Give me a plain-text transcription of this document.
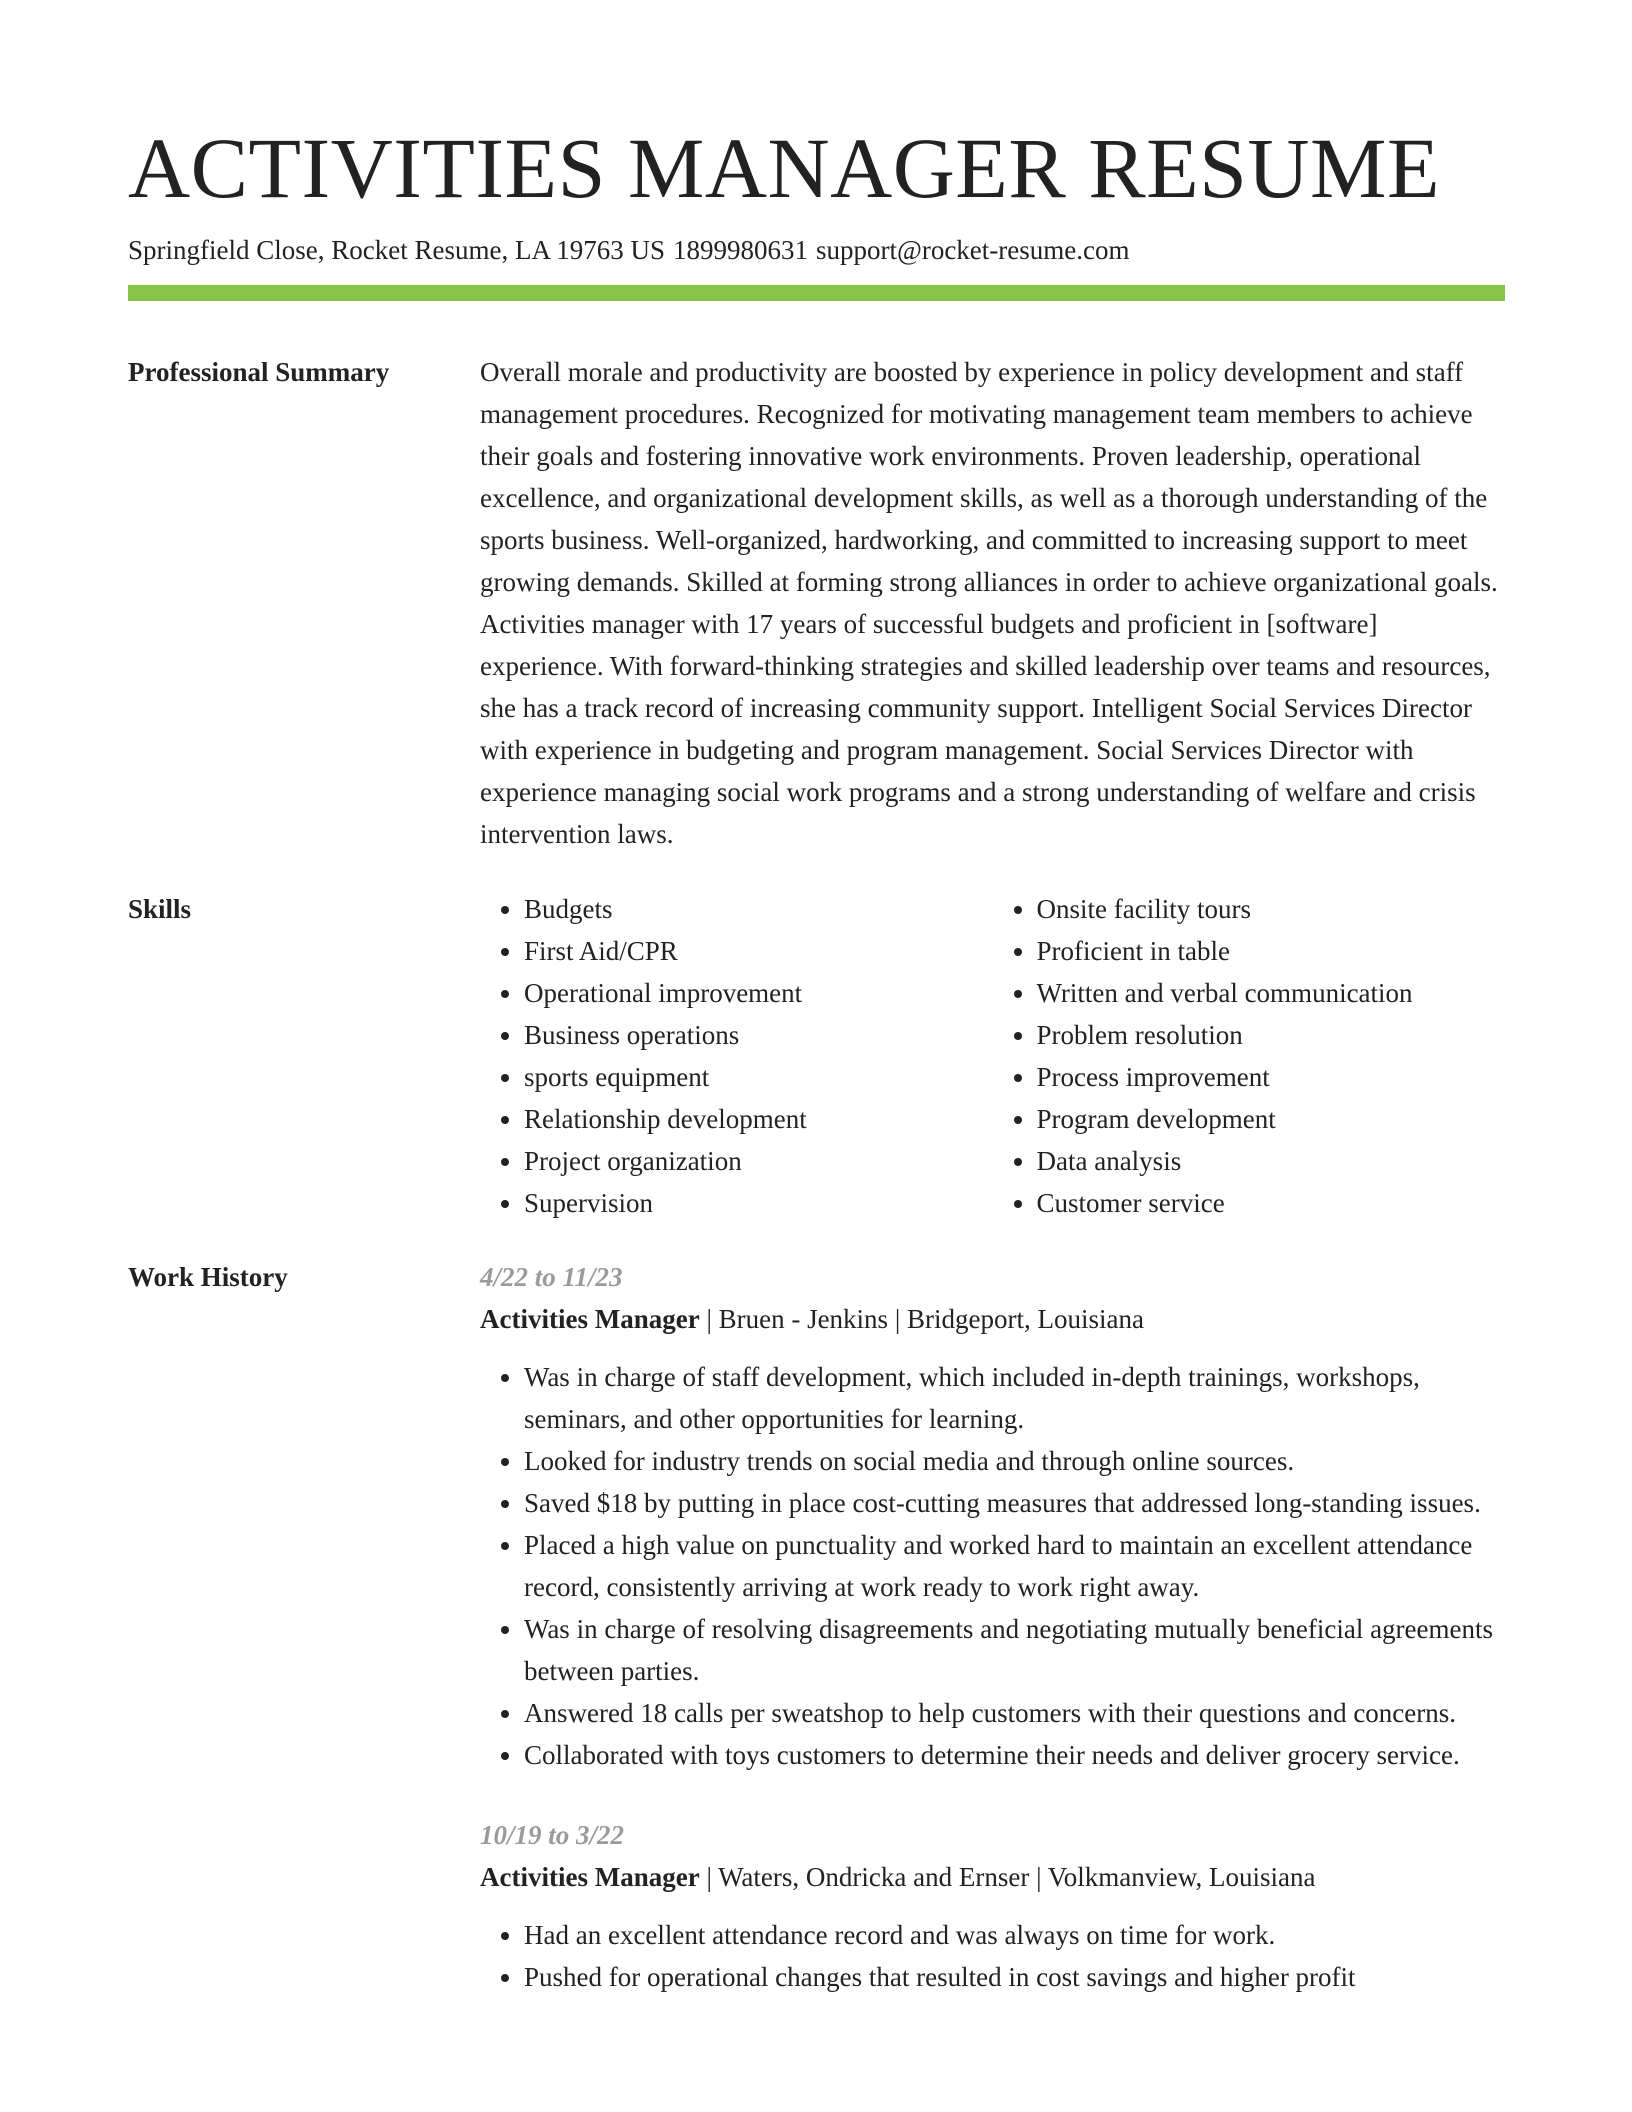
ACTIVITIES MANAGER RESUME
Springfield Close, Rocket Resume, LA 19763 US 1899980631 support@rocket-resume.com
Professional Summary	Overall morale and productivity are boosted by experience in policy development and staff management procedures. Recognized for motivating management team members to achieve their goals and fostering innovative work environments. Proven leadership, operational excellence, and organizational development skills, as well as a thorough understanding of the sports business. Well-organized, hardworking, and committed to increasing support to meet growing demands. Skilled at forming strong alliances in order to achieve organizational goals. Activities manager with 17 years of successful budgets and proficient in [software] experience. With forward-thinking strategies and skilled leadership over teams and resources, she has a track record of increasing community support. Intelligent Social Services Director with experience in budgeting and program management. Social Services Director with experience managing social work programs and a strong understanding of welfare and crisis intervention laws.

Skills
•	Budgets
• First Aid/CPR
• Operational improvement
• Business operations
• sports equipment
• Relationship development
• Project organization
• Supervision
• Onsite facility tours
• Proficient in table
• Written and verbal communication
• Problem resolution
• Process improvement
• Program development
• Data analysis
• Customer service
Work History	4/22 to 11/23
Activities Manager | Bruen - Jenkins | Bridgeport, Louisiana
• Was in charge of staff development, which included in-depth trainings, workshops, seminars, and other opportunities for learning.
• Looked for industry trends on social media and through online sources.
• Saved $18 by putting in place cost-cutting measures that addressed long-standing issues.
• Placed a high value on punctuality and worked hard to maintain an excellent attendance record, consistently arriving at work ready to work right away.
• Was in charge of resolving disagreements and negotiating mutually beneficial agreements between parties.
• Answered 18 calls per sweatshop to help customers with their questions and concerns.
• Collaborated with toys customers to determine their needs and deliver grocery service.
10/19 to 3/22
Activities Manager | Waters, Ondricka and Ernser | Volkmanview, Louisiana
• Had an excellent attendance record and was always on time for work.
• Pushed for operational changes that resulted in cost savings and higher profit
